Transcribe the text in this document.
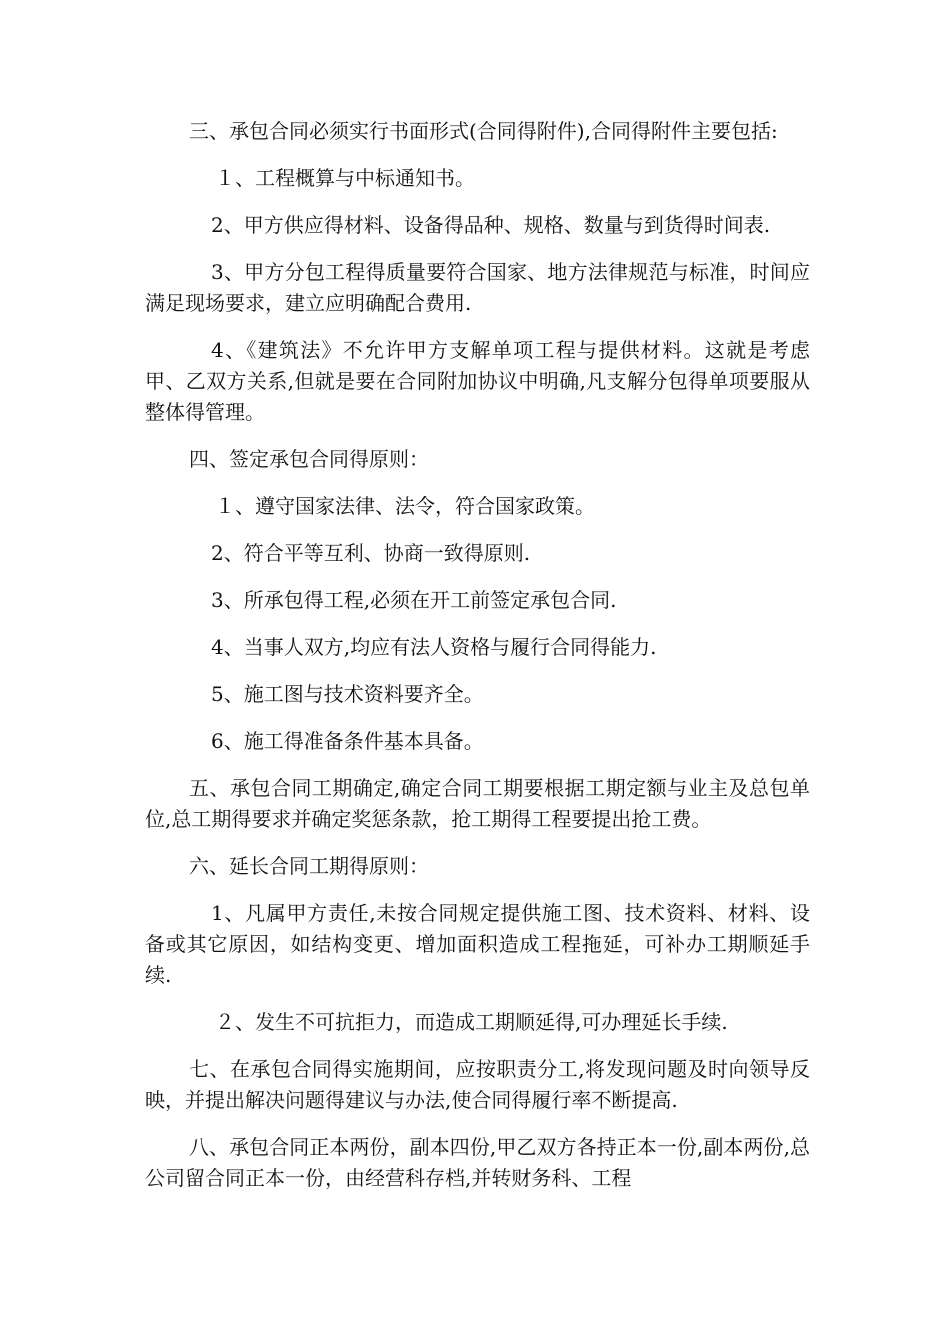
三、承包合同必须实行书面形式(合同得附件),合同得附件主要包括:

１、工程概算与中标通知书。

2、甲方供应得材料、设备得品种、规格、数量与到货得时间表.

3、甲方分包工程得质量要符合国家、地方法律规范与标准，时间应满足现场要求，建立应明确配合费用.

4、《建筑法》不允许甲方支解单项工程与提供材料。这就是考虑甲、乙双方关系,但就是要在合同附加协议中明确,凡支解分包得单项要服从整体得管理。

四、签定承包合同得原则：

１、遵守国家法律、法令，符合国家政策。

2、符合平等互利、协商一致得原则.

3、所承包得工程,必须在开工前签定承包合同.

4、当事人双方,均应有法人资格与履行合同得能力.

5、施工图与技术资料要齐全。

6、施工得准备条件基本具备。

五、承包合同工期确定,确定合同工期要根据工期定额与业主及总包单位,总工期得要求并确定奖惩条款，抢工期得工程要提出抢工费。

六、延长合同工期得原则：

1、凡属甲方责任,未按合同规定提供施工图、技术资料、材料、设备或其它原因，如结构变更、增加面积造成工程拖延，可补办工期顺延手续.

２、发生不可抗拒力，而造成工期顺延得,可办理延长手续.

七、在承包合同得实施期间，应按职责分工,将发现问题及时向领导反映，并提出解决问题得建议与办法,使合同得履行率不断提高.

八、承包合同正本两份，副本四份,甲乙双方各持正本一份,副本两份,总公司留合同正本一份，由经营科存档,并转财务科、工程
